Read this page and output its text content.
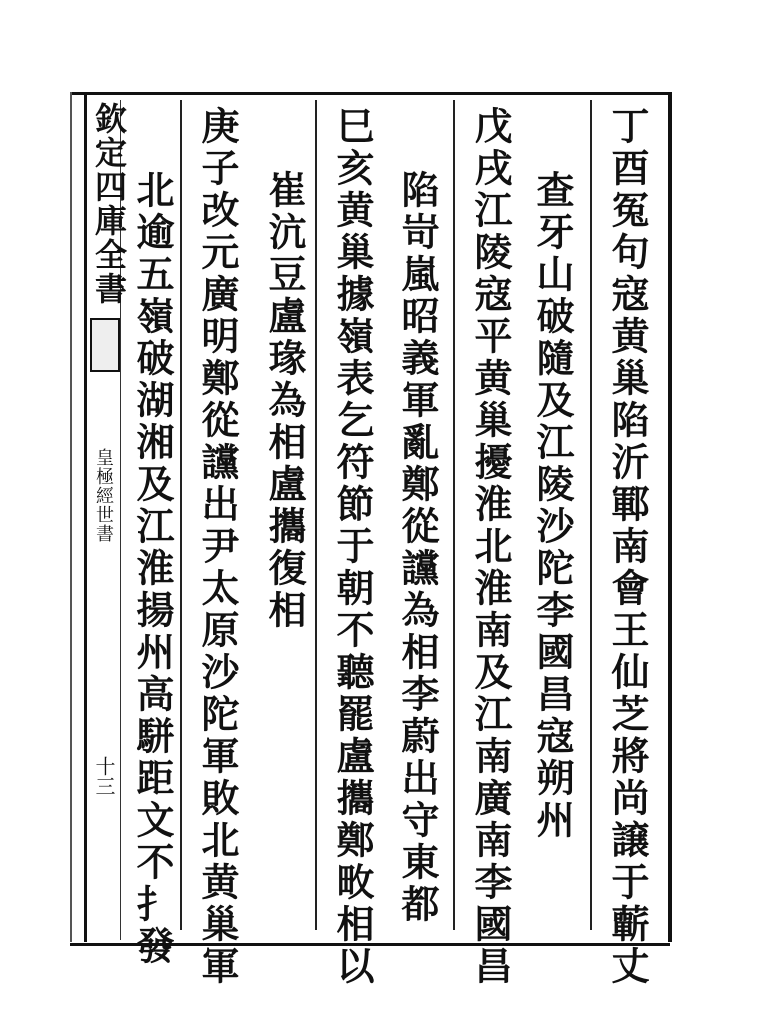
欽定四庫全書
皇極經世書
十三	丁酉冤句寇黄巢陷沂鄆南會王仙芝將尚譲于蘄丈
查牙山破隨及江陵沙陀李國昌寇朔州
戊戌江陵寇平黄巢擾淮北淮南及江南廣南李國昌
陷岢嵐昭義軍亂鄭從讜為相李蔚出守東都
巳亥黄巢據嶺表乞符節于朝不聽罷盧攜鄭畋相以
崔沆豆盧瑑為相盧攜復相
庚子改元廣明鄭從讜出尹太原沙陀軍敗北黄巢軍
北逾五嶺破湖湘及江淮揚州高駢距文不扌發
